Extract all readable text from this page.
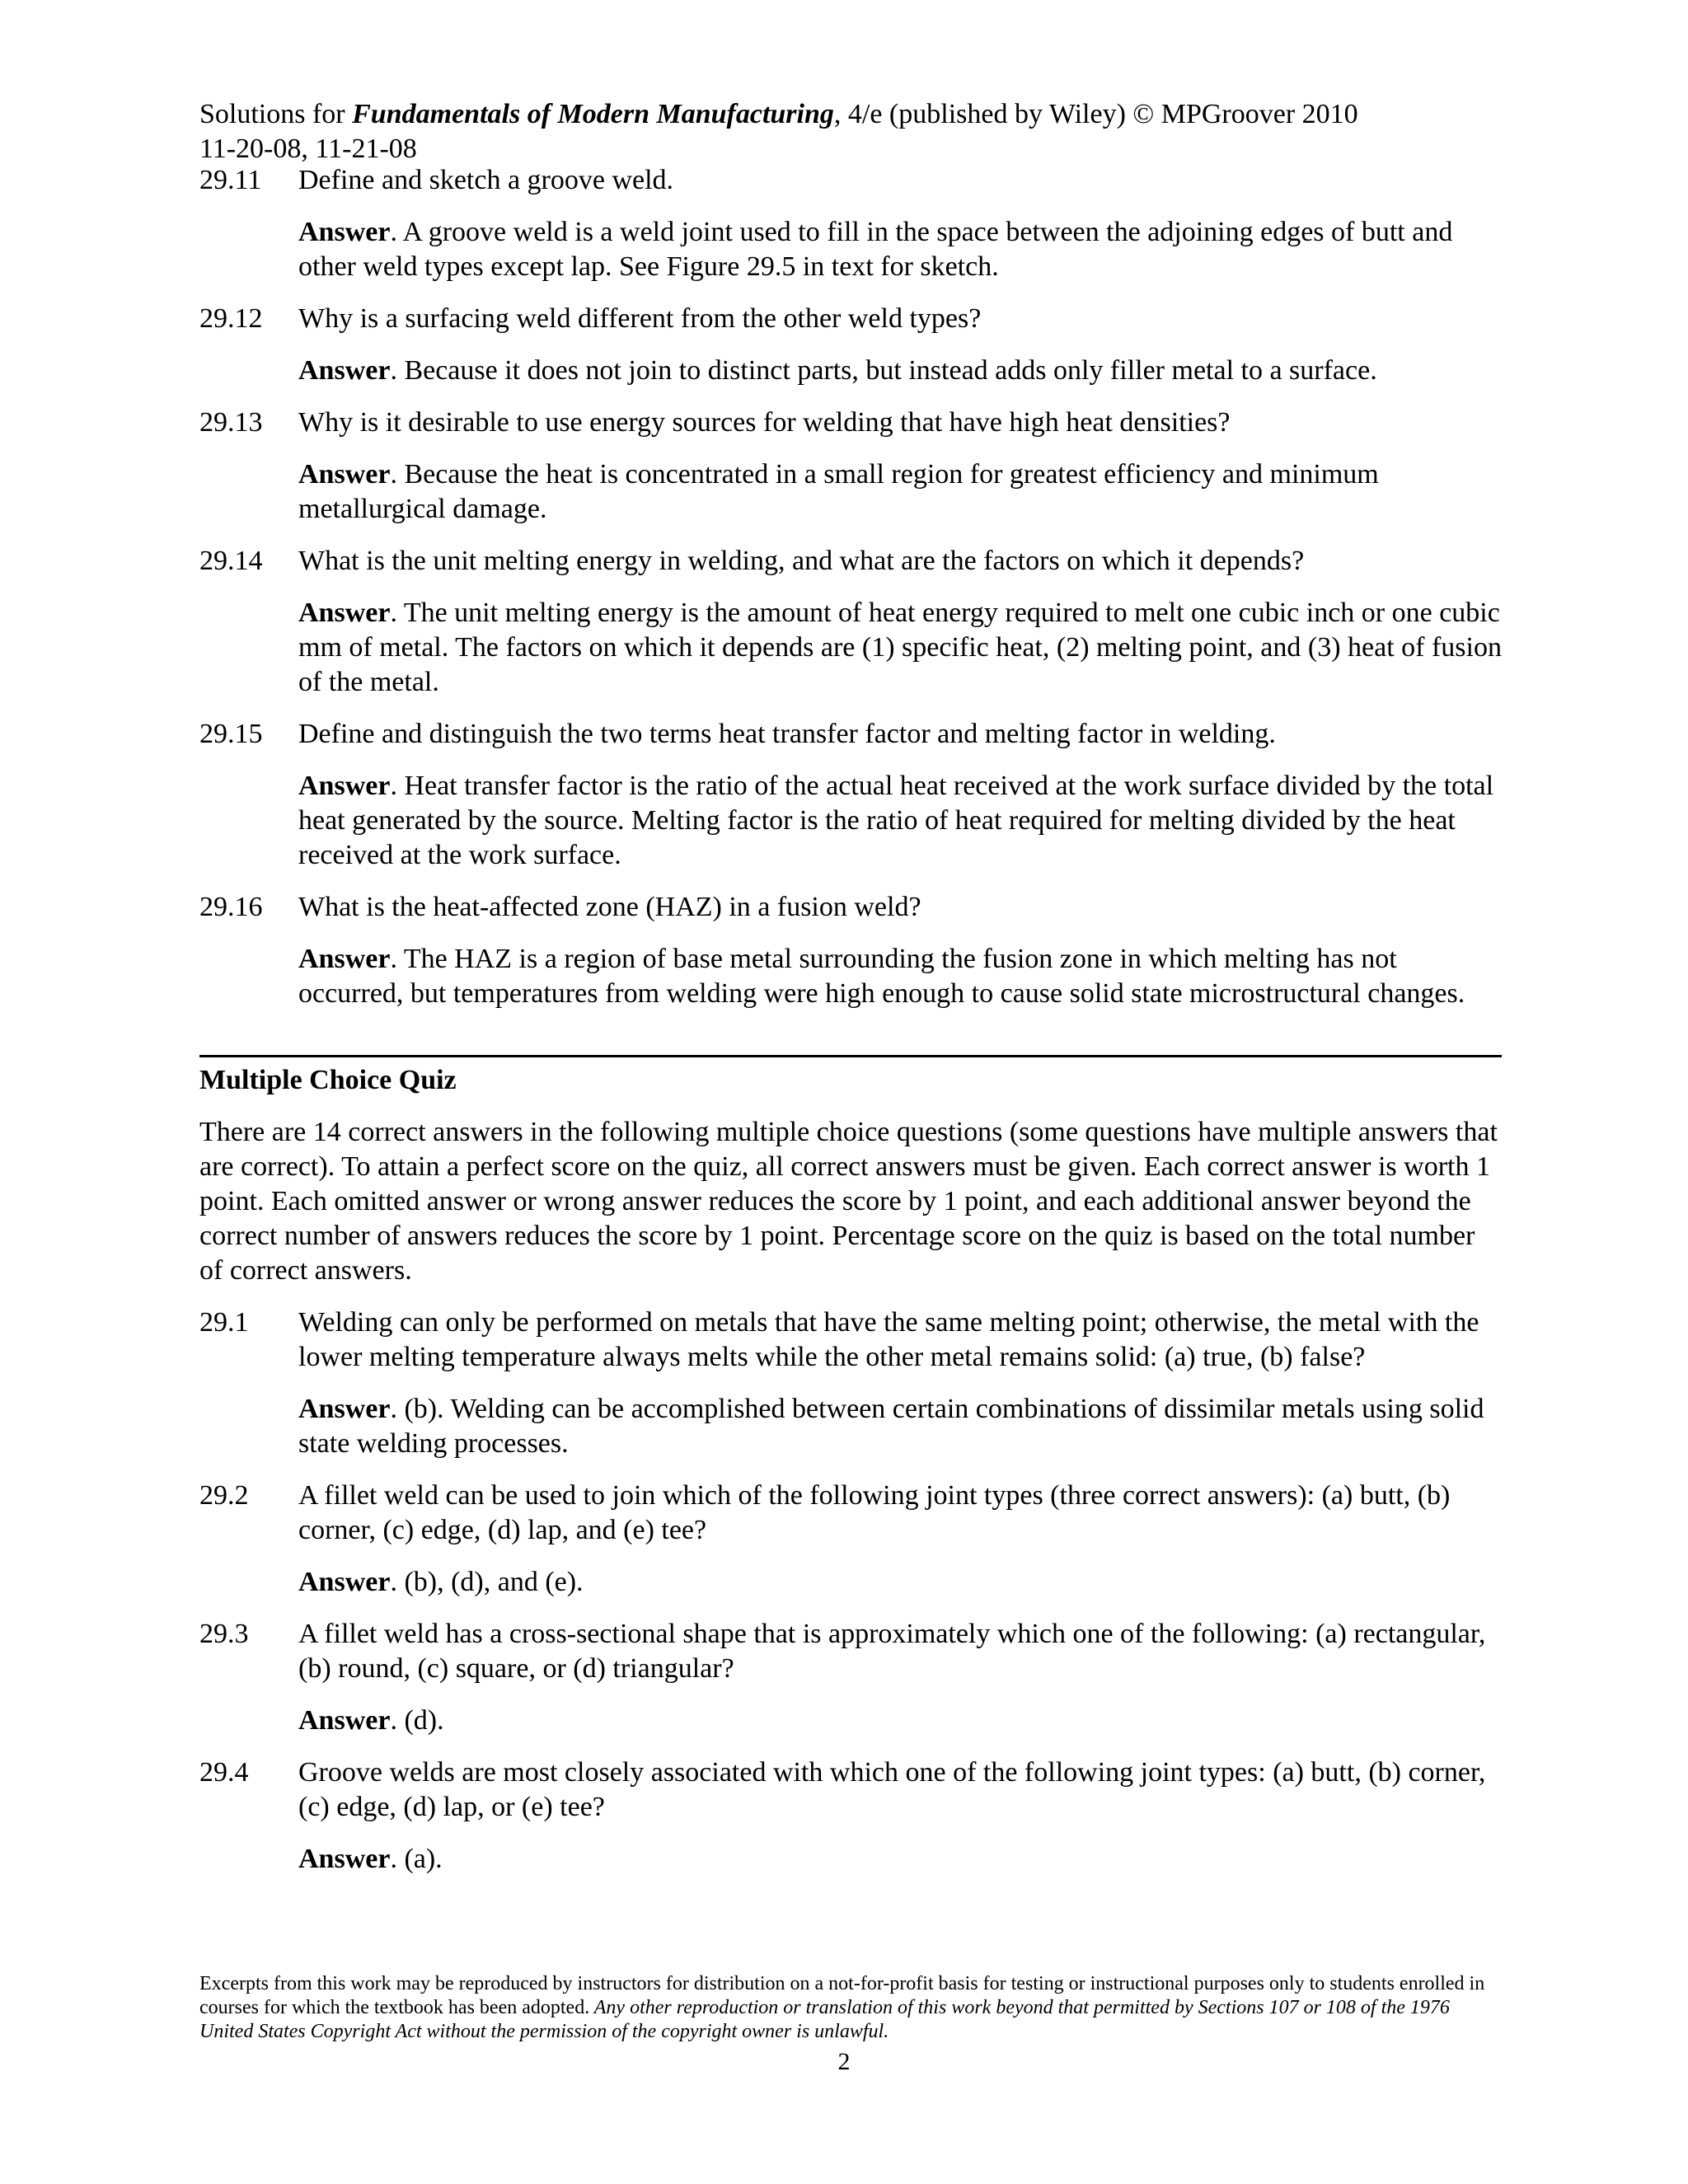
Solutions for Fundamentals of Modern Manufacturing, 4/e (published by Wiley) © MPGroover 2010
11-20-08, 11-21-08
29.11	Define and sketch a groove weld.
Answer. A groove weld is a weld joint used to fill in the space between the adjoining edges of butt and other weld types except lap. See Figure 29.5 in text for sketch.
29.12	Why is a surfacing weld different from the other weld types?
Answer. Because it does not join to distinct parts, but instead adds only filler metal to a surface.
29.13	Why is it desirable to use energy sources for welding that have high heat densities?
Answer. Because the heat is concentrated in a small region for greatest efficiency and minimum metallurgical damage.
29.14	What is the unit melting energy in welding, and what are the factors on which it depends?
Answer. The unit melting energy is the amount of heat energy required to melt one cubic inch or one cubic mm of metal. The factors on which it depends are (1) specific heat, (2) melting point, and (3) heat of fusion of the metal.
29.15	Define and distinguish the two terms heat transfer factor and melting factor in welding.
Answer. Heat transfer factor is the ratio of the actual heat received at the work surface divided by the total heat generated by the source. Melting factor is the ratio of heat required for melting divided by the heat received at the work surface.
29.16	What is the heat-affected zone (HAZ) in a fusion weld?
Answer. The HAZ is a region of base metal surrounding the fusion zone in which melting has not occurred, but temperatures from welding were high enough to cause solid state microstructural changes.
Multiple Choice Quiz

There are 14 correct answers in the following multiple choice questions (some questions have multiple answers that are correct). To attain a perfect score on the quiz, all correct answers must be given. Each correct answer is worth 1 point. Each omitted answer or wrong answer reduces the score by 1 point, and each additional answer beyond the correct number of answers reduces the score by 1 point. Percentage score on the quiz is based on the total number of correct answers.

29.1	Welding can only be performed on metals that have the same melting point; otherwise, the metal with the lower melting temperature always melts while the other metal remains solid: (a) true, (b) false?
Answer. (b). Welding can be accomplished between certain combinations of dissimilar metals using solid state welding processes.
29.2	A fillet weld can be used to join which of the following joint types (three correct answers): (a) butt, (b) corner, (c) edge, (d) lap, and (e) tee?
Answer. (b), (d), and (e).
29.3	A fillet weld has a cross-sectional shape that is approximately which one of the following: (a) rectangular, (b) round, (c) square, or (d) triangular?
Answer. (d).
29.4	Groove welds are most closely associated with which one of the following joint types: (a) butt, (b) corner, (c) edge, (d) lap, or (e) tee?
Answer. (a).
Excerpts from this work may be reproduced by instructors for distribution on a not-for-profit basis for testing or instructional purposes only to students enrolled in courses for which the textbook has been adopted. Any other reproduction or translation of this work beyond that permitted by Sections 107 or 108 of the 1976 United States Copyright Act without the permission of the copyright owner is unlawful.
2
